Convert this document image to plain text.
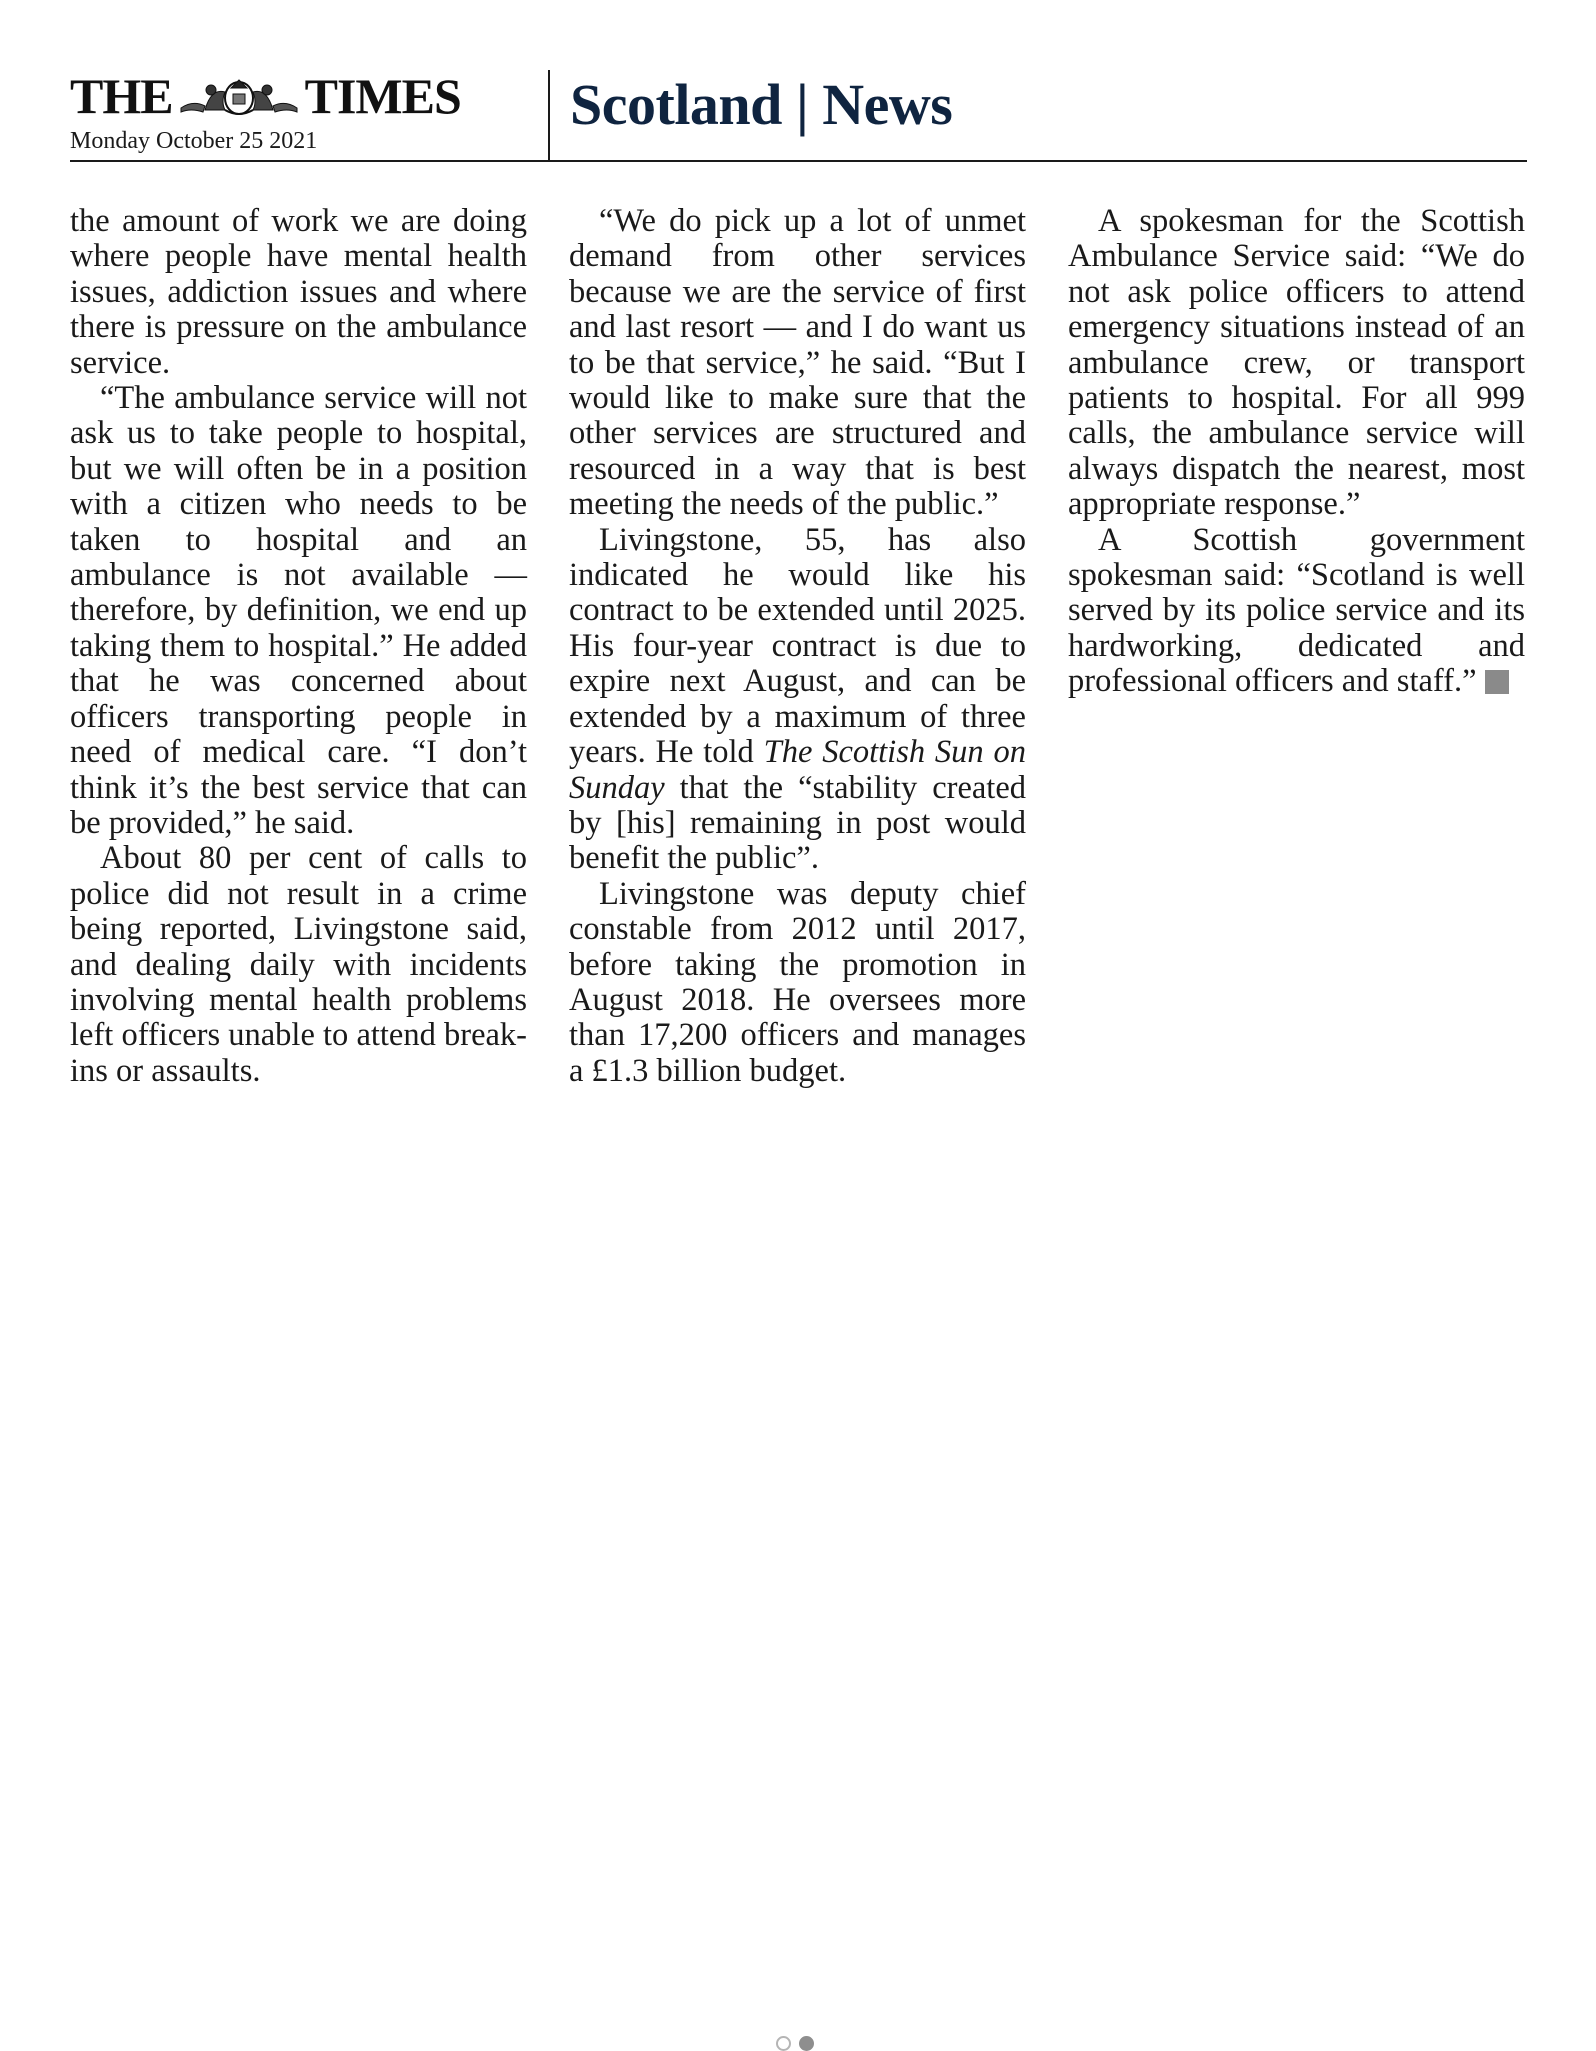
THE	TIMES
Monday October 25 2021
Scotland | News

the amount of work we are doing where people have mental health issues, addiction issues and where there is pressure on the ambulance service.

“The ambulance service will not ask us to take people to hospital, but we will often be in a position with a citizen who needs to be taken to hospital and an ambulance is not available — therefore, by definition, we end up taking them to hospital.” He added that he was concerned about officers transporting people in need of medical care. “I don’t think it’s the best service that can be provided,” he said.

About 80 per cent of calls to police did not result in a crime being reported, Livingstone said, and dealing daily with incidents involving mental health problems left officers unable to attend break-ins or assaults.

“We do pick up a lot of unmet demand from other services because we are the service of first and last resort — and I do want us to be that service,” he said. “But I would like to make sure that the other services are structured and resourced in a way that is best meeting the needs of the public.”

Livingstone, 55, has also indicated he would like his contract to be extended until 2025. His four-year contract is due to expire next August, and can be extended by a maximum of three years. He told The Scottish Sun on Sunday that the “stability created by [his] remaining in post would benefit the public”.

Livingstone was deputy chief constable from 2012 until 2017, before taking the promotion in August 2018. He oversees more than 17,200 officers and manages a £1.3 billion budget.

A spokesman for the Scottish Ambulance Service said: “We do not ask police officers to attend emergency situations instead of an ambulance crew, or transport patients to hospital. For all 999 calls, the ambulance service will always dispatch the nearest, most appropriate response.”

A Scottish government spokesman said: “Scotland is well served by its police service and its hardworking, dedicated and professional officers and staff.”
